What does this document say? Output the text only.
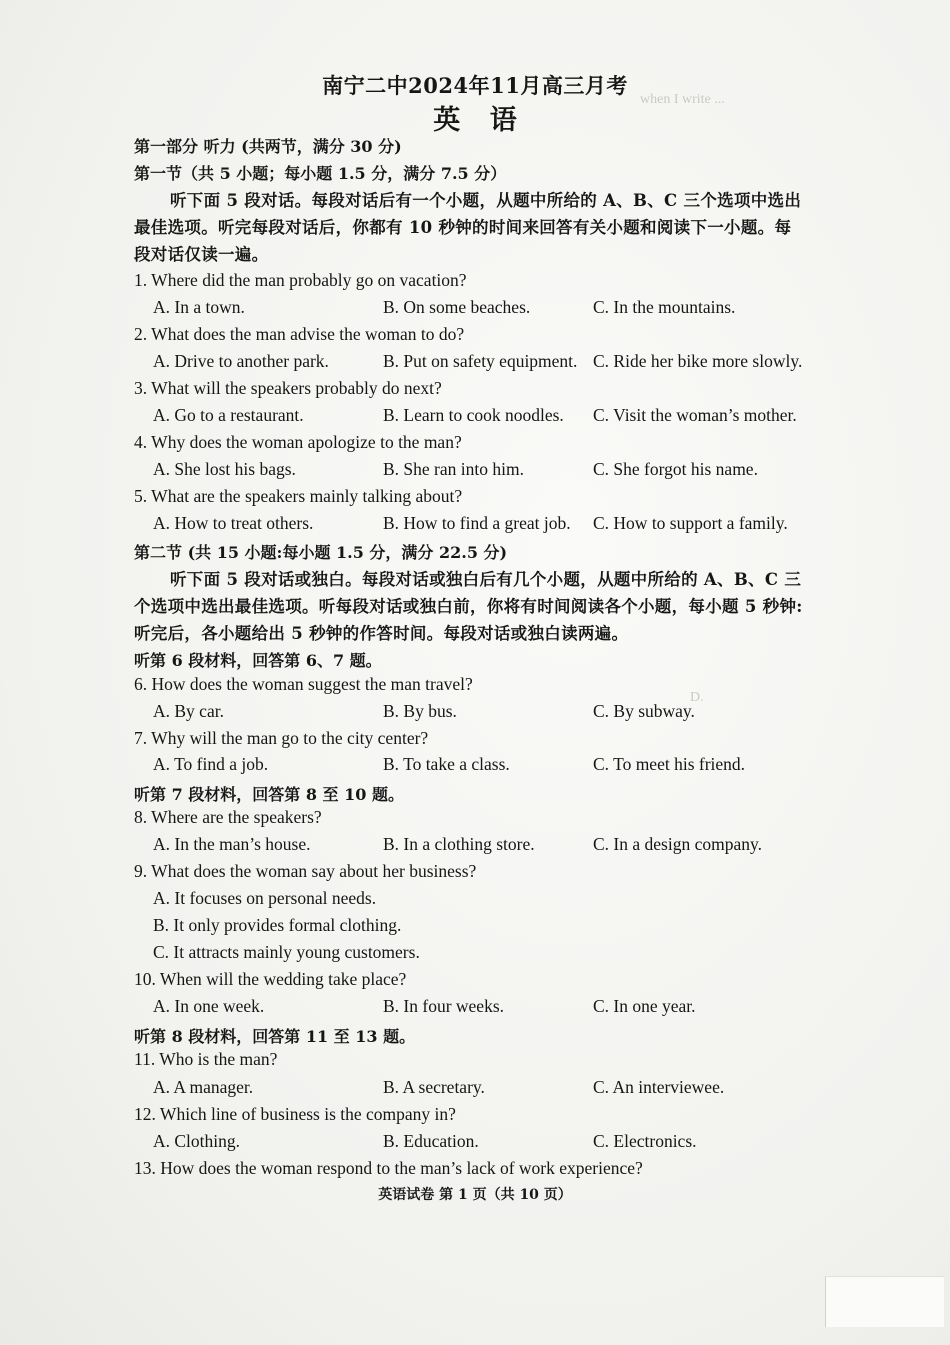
when I write ...
D.
南宁二中2024年11月高三月考
英 语
第一部分 听力 (共两节，满分 30 分)
第一节（共 5 小题；每小题 1.5 分，满分 7.5 分）
听下面 5 段对话。每段对话后有一个小题，从题中所给的 A、B、C 三个选项中选出
最佳选项。听完每段对话后，你都有 10 秒钟的时间来回答有关小题和阅读下一小题。每
段对话仅读一遍。
1. Where did the man probably go on vacation?
A. In a town.	B. On some beaches.	C. In the mountains.
2. What does the man advise the woman to do?
A. Drive to another park.	B. Put on safety equipment. C. Ride her bike more slowly.
3. What will the speakers probably do next?
A. Go to a restaurant.	B. Learn to cook noodles. C. Visit the woman’s mother.
4. Why does the woman apologize to the man?
A. She lost his bags.	B. She ran into him.	C. She forgot his name.
5. What are the speakers mainly talking about?
A. How to treat others.	B. How to find a great job. C. How to support a family.
第二节 (共 15 小题:每小题 1.5 分，满分 22.5 分)
听下面 5 段对话或独白。每段对话或独白后有几个小题，从题中所给的 A、B、C 三
个选项中选出最佳选项。听每段对话或独白前，你将有时间阅读各个小题，每小题 5 秒钟:
听完后，各小题给出 5 秒钟的作答时间。每段对话或独白读两遍。
听第 6 段材料，回答第 6、7 题。
6. How does the woman suggest the man travel?
A. By car.	B. By bus.	C. By subway.
7. Why will the man go to the city center?
A. To find a job.	B. To take a class.	C. To meet his friend.
听第 7 段材料，回答第 8 至 10 题。
8. Where are the speakers?
A. In the man’s house.	B. In a clothing store.	C. In a design company.
9. What does the woman say about her business?
A. It focuses on personal needs.
B. It only provides formal clothing.
C. It attracts mainly young customers.
10. When will the wedding take place?
A. In one week.	B. In four weeks.	C. In one year.
听第 8 段材料，回答第 11 至 13 题。
11. Who is the man?
A. A manager.	B. A secretary.	C. An interviewee.
12. Which line of business is the company in?
A. Clothing.	B. Education.	C. Electronics.
13. How does the woman respond to the man’s lack of work experience?
英语试卷 第 1 页（共 10 页）
